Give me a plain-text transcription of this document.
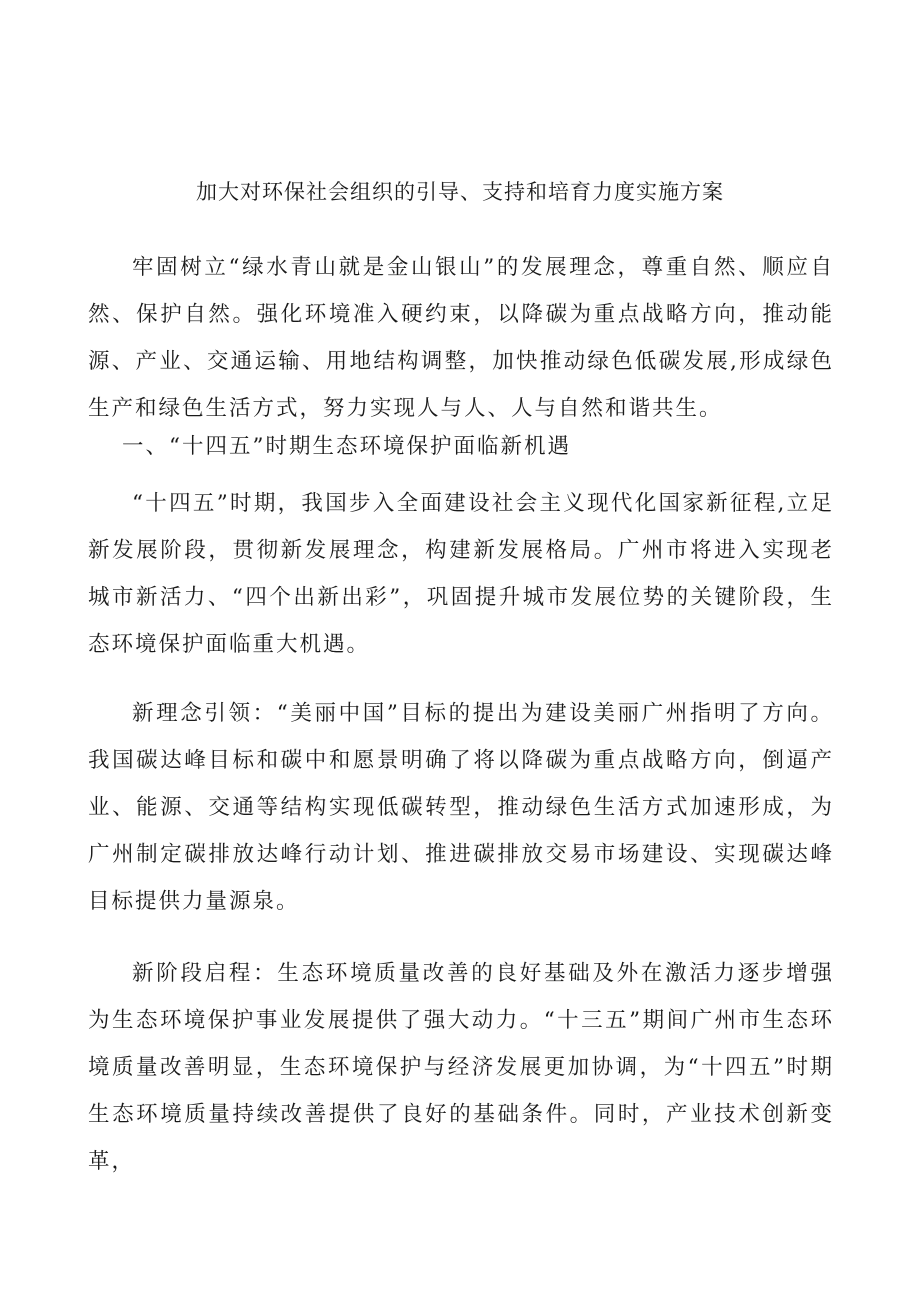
加大对环保社会组织的引导、支持和培育力度实施方案
牢固树立“绿水青山就是金山银山”的发展理念，尊重自然、顺应自然、保护自然。强化环境准入硬约束，以降碳为重点战略方向，推动能源、产业、交通运输、用地结构调整，加快推动绿色低碳发展,形成绿色生产和绿色生活方式，努力实现人与人、人与自然和谐共生。
一、“十四五”时期生态环境保护面临新机遇
“十四五”时期，我国步入全面建设社会主义现代化国家新征程,立足新发展阶段，贯彻新发展理念，构建新发展格局。广州市将进入实现老城市新活力、“四个出新出彩”，巩固提升城市发展位势的关键阶段，生态环境保护面临重大机遇。
新理念引领：“美丽中国”目标的提出为建设美丽广州指明了方向。我国碳达峰目标和碳中和愿景明确了将以降碳为重点战略方向，倒逼产业、能源、交通等结构实现低碳转型，推动绿色生活方式加速形成，为广州制定碳排放达峰行动计划、推进碳排放交易市场建设、实现碳达峰目标提供力量源泉。
新阶段启程：生态环境质量改善的良好基础及外在激活力逐步增强为生态环境保护事业发展提供了强大动力。“十三五”期间广州市生态环境质量改善明显，生态环境保护与经济发展更加协调，为“十四五”时期生态环境质量持续改善提供了良好的基础条件。同时，产业技术创新变革，
